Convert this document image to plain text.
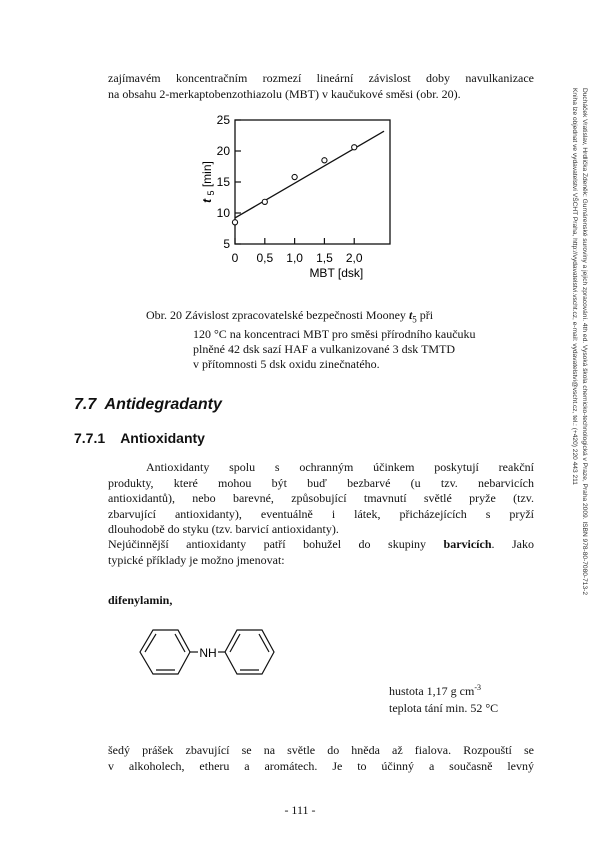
zajímavém koncentračním rozmezí lineární závislost doby navulkanizace
na obsahu 2-merkaptobenzothiazolu (MBT) v kaučukové směsi (obr. 20).
5
10
15
20
25
0 0,5 1,0 1,5 2,0
MBT [dsk]
t $_5$ [min]
Obr. 20 Závislost zpracovatelské bezpečnosti Mooney $t_5$ při
120 °C na koncentraci MBT pro směsi přírodního kaučuku
plněné 42 dsk sazí HAF a vulkanizované 3 dsk TMTD
v přítomnosti 5 dsk oxidu zinečnatého.
7.7 Antidegradanty
7.7.1 Antioxidanty
Antioxidanty spolu s ochranným účinkem poskytují reakční
produkty, které mohou být buď bezbarvé (u tzv. nebarvicích
antioxidantů), nebo barevné, způsobující tmavnutí světlé pryže (tzv.
zbarvující antioxidanty), eventuálně i látek, přicházejících s pryží
dlouhodobě do styku (tzv. barvicí antioxidanty).
Nejúčinnější antioxidanty patří bohužel do skupiny barvicích. Jako
typické příklady je možno jmenovat:
difenylamin,
NH
hustota 1,17 g $cm^{-3}$
teplota tání min. 52 °C
šedý prášek zbavující se na světle do hněda až fialova. Rozpouští se
v alkoholech, etheru a aromátech. Je to účinný a současně levný
- 111 -
Ducháček Vratislav, Hrdlička Zdeněk: Gumárenské suroviny a jejich zpracování. 4th ed. Vysoká škola chemicko-technologická v Praze, Praha 2009. ISBN 978-80-7080-713-2
Kniha lze objednat ve vydavatelství VŠCHT Praha, http://vydavatelstvi.vscht.cz, e-mail: vydavatelstvi@vscht.cz, tel.: (+420) 220 443 211
